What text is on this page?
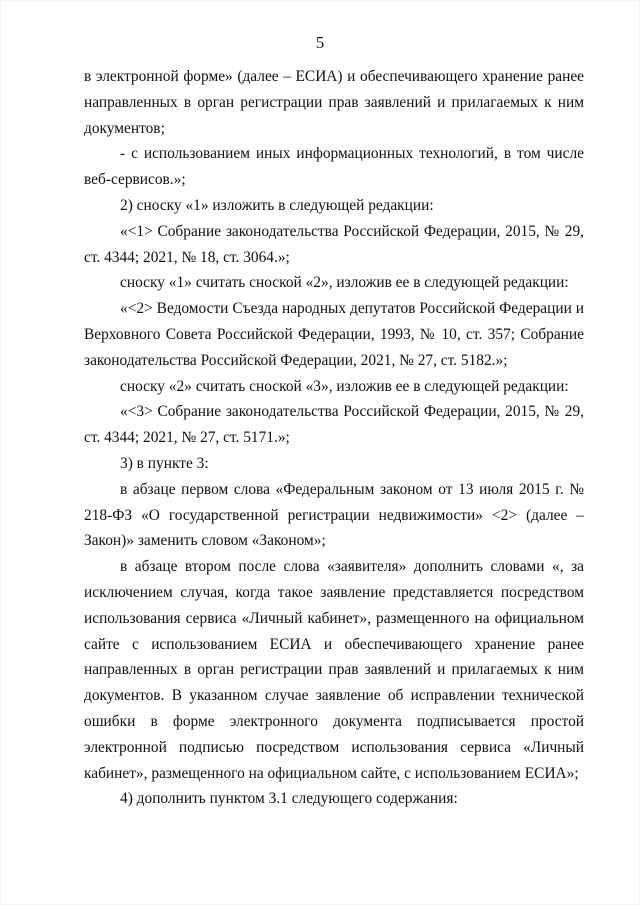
5

в электронной форме» (далее – ЕСИА) и обеспечивающего хранение ранее направленных в орган регистрации прав заявлений и прилагаемых к ним документов;

- с использованием иных информационных технологий, в том числе веб-сервисов.»;

2) сноску «1» изложить в следующей редакции:

«<1> Собрание законодательства Российской Федерации, 2015, № 29, ст. 4344; 2021, № 18, ст. 3064.»;

сноску «1» считать сноской «2», изложив ее в следующей редакции:

«<2> Ведомости Съезда народных депутатов Российской Федерации и Верховного Совета Российской Федерации, 1993, № 10, ст. 357; Собрание законодательства Российской Федерации, 2021, № 27, ст. 5182.»;

сноску «2» считать сноской «3», изложив ее в следующей редакции:

«<3> Собрание законодательства Российской Федерации, 2015, № 29, ст. 4344; 2021, № 27, ст. 5171.»;

3) в пункте 3:

в абзаце первом слова «Федеральным законом от 13 июля 2015 г. № 218-ФЗ «О государственной регистрации недвижимости» <2> (далее – Закон)» заменить словом «Законом»;

в абзаце втором после слова «заявителя» дополнить словами «, за исключением случая, когда такое заявление представляется посредством использования сервиса «Личный кабинет», размещенного на официальном сайте с использованием ЕСИА и обеспечивающего хранение ранее направленных в орган регистрации прав заявлений и прилагаемых к ним документов. В указанном случае заявление об исправлении технической ошибки в форме электронного документа подписывается простой электронной подписью посредством использования сервиса «Личный кабинет», размещенного на официальном сайте, с использованием ЕСИА»;

4) дополнить пунктом 3.1 следующего содержания:
